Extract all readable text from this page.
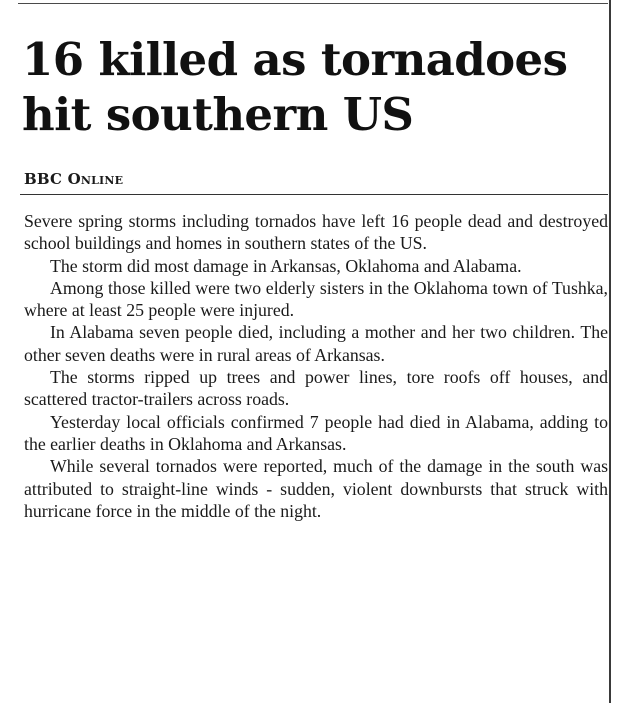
16 killed as tornadoes hit southern US
BBC Online

Severe spring storms including tornados have left 16 people dead and destroyed school buildings and homes in southern states of the US.

The storm did most damage in Arkansas, Oklahoma and Alabama.

Among those killed were two elderly sisters in the Oklahoma town of Tushka, where at least 25 people were injured.

In Alabama seven people died, including a mother and her two children. The other seven deaths were in rural areas of Arkansas.

The storms ripped up trees and power lines, tore roofs off houses, and scattered tractor-trailers across roads.

Yesterday local officials confirmed 7 people had died in Alabama, adding to the earlier deaths in Oklahoma and Arkansas.

While several tornados were reported, much of the damage in the south was attributed to straight-line winds - sudden, violent downbursts that struck with hurricane force in the middle of the night.
